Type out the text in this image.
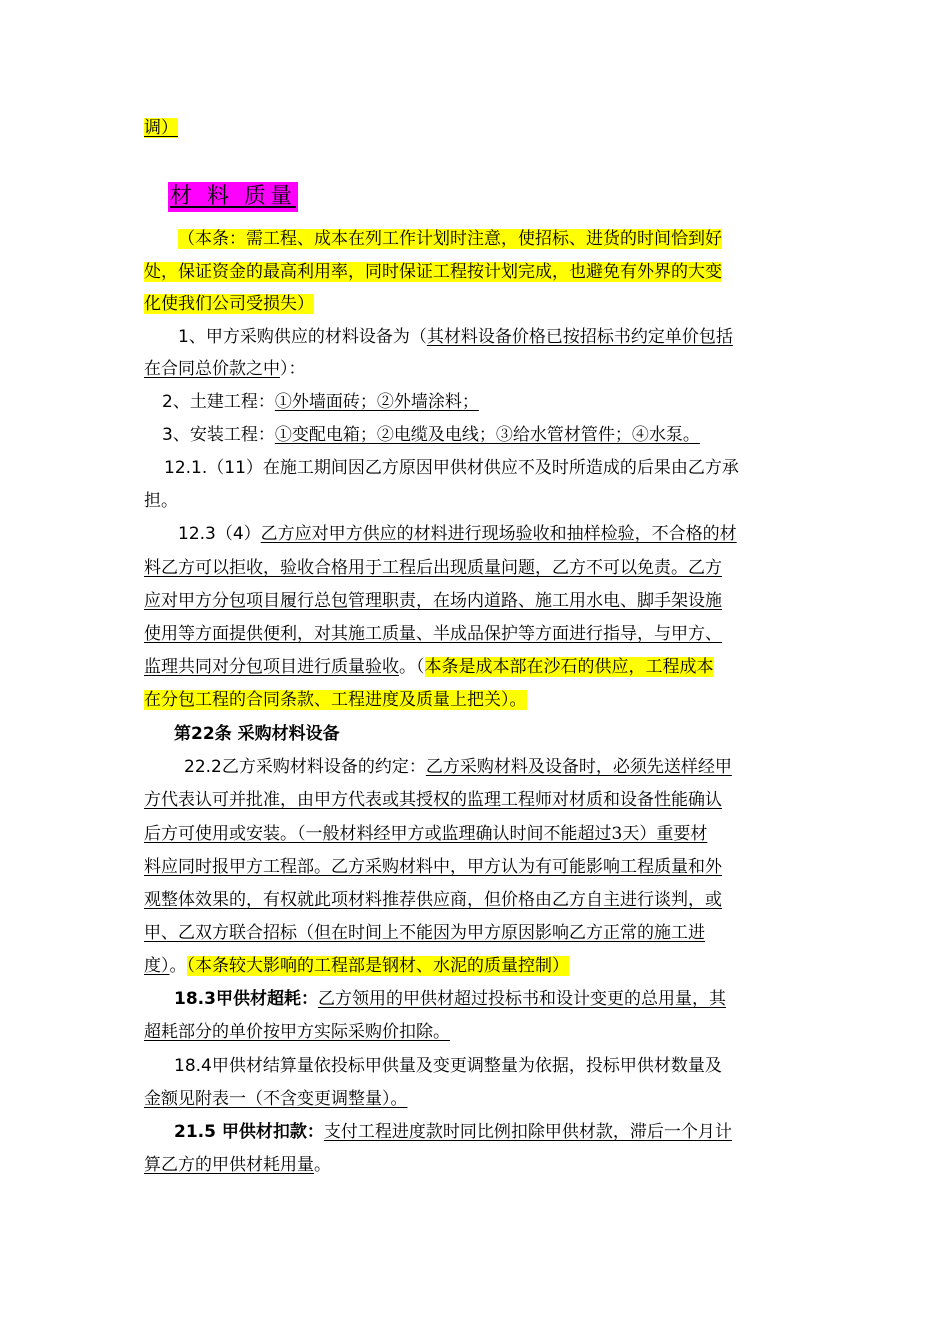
调）
材 料 质量
（本条：需工程、成本在列工作计划时注意，使招标、进货的时间恰到好
处，保证资金的最高利用率，同时保证工程按计划完成，也避免有外界的大变
化使我们公司受损失）
1、甲方采购供应的材料设备为（其材料设备价格已按招标书约定单价包括
在合同总价款之中）：
2、土建工程：①外墙面砖；②外墙涂料；
3、安装工程：①变配电箱；②电缆及电线；③给水管材管件；④水泵。
12.1.（11）在施工期间因乙方原因甲供材供应不及时所造成的后果由乙方承
担。
12.3（4）乙方应对甲方供应的材料进行现场验收和抽样检验，不合格的材
料乙方可以拒收，验收合格用于工程后出现质量问题，乙方不可以免责。乙方
应对甲方分包项目履行总包管理职责，在场内道路、施工用水电、脚手架设施
使用等方面提供便利，对其施工质量、半成品保护等方面进行指导，与甲方、
监理共同对分包项目进行质量验收。（本条是成本部在沙石的供应，工程成本
在分包工程的合同条款、工程进度及质量上把关）。
第22条 采购材料设备
22.2乙方采购材料设备的约定：乙方采购材料及设备时，必须先送样经甲
方代表认可并批准，由甲方代表或其授权的监理工程师对材质和设备性能确认
后方可使用或安装。（一般材料经甲方或监理确认时间不能超过3天）重要材
料应同时报甲方工程部。乙方采购材料中，甲方认为有可能影响工程质量和外
观整体效果的，有权就此项材料推荐供应商，但价格由乙方自主进行谈判，或
甲、乙双方联合招标（但在时间上不能因为甲方原因影响乙方正常的施工进
度）。（本条较大影响的工程部是钢材、水泥的质量控制）
18.3甲供材超耗：乙方领用的甲供材超过投标书和设计变更的总用量，其
超耗部分的单价按甲方实际采购价扣除。
18.4甲供材结算量依投标甲供量及变更调整量为依据，投标甲供材数量及
金额见附表一（不含变更调整量）。
21.5 甲供材扣款：支付工程进度款时同比例扣除甲供材款，滞后一个月计
算乙方的甲供材耗用量。
